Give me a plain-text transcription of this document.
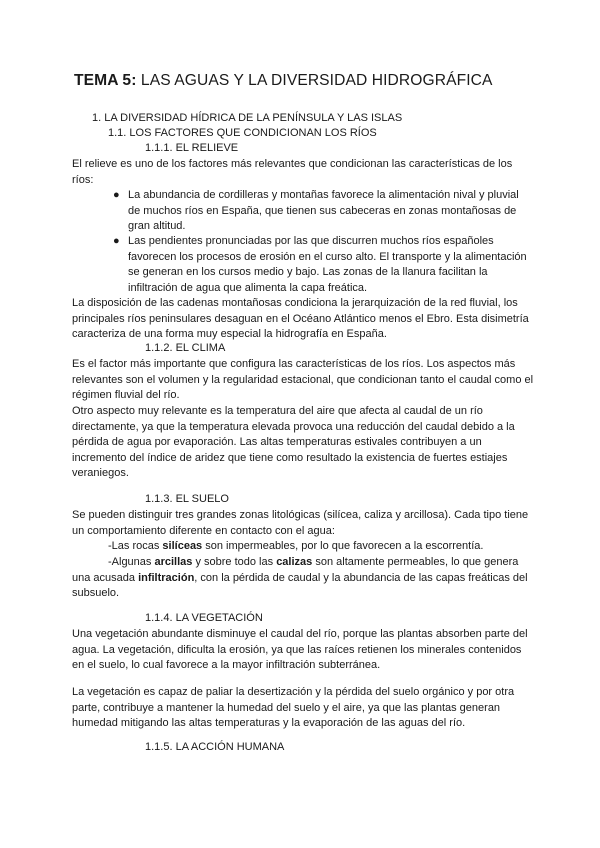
TEMA 5: LAS AGUAS Y LA DIVERSIDAD HIDROGRÁFICA
1. LA DIVERSIDAD HÍDRICA DE LA PENÍNSULA Y LAS ISLAS
1.1. LOS FACTORES QUE CONDICIONAN LOS RÍOS
1.1.1. EL RELIEVE

El relieve es uno de los factores más relevantes que condicionan las características de los ríos:

● La abundancia de cordilleras y montañas favorece la alimentación nival y pluvial de muchos ríos en España, que tienen sus cabeceras en zonas montañosas de gran altitud.
● Las pendientes pronunciadas por las que discurren muchos ríos españoles favorecen los procesos de erosión en el curso alto. El transporte y la alimentación se generan en los cursos medio y bajo. Las zonas de la llanura facilitan la infiltración de agua que alimenta la capa freática.

La disposición de las cadenas montañosas condiciona la jerarquización de la red fluvial, los principales ríos peninsulares desaguan en el Océano Atlántico menos el Ebro. Esta disimetría caracteriza de una forma muy especial la hidrografía en España.

1.1.2. EL CLIMA

Es el factor más importante que configura las características de los ríos. Los aspectos más relevantes son el volumen y la regularidad estacional, que condicionan tanto el caudal como el régimen fluvial del río.

Otro aspecto muy relevante es la temperatura del aire que afecta al caudal de un río directamente, ya que la temperatura elevada provoca una reducción del caudal debido a la pérdida de agua por evaporación. Las altas temperaturas estivales contribuyen a un incremento del índice de aridez que tiene como resultado la existencia de fuertes estiajes veraniegos.

1.1.3. EL SUELO

Se pueden distinguir tres grandes zonas litológicas (silícea, caliza y arcillosa). Cada tipo tiene un comportamiento diferente en contacto con el agua:

-Las rocas silíceas son impermeables, por lo que favorecen a la escorrentía.

-Algunas arcillas y sobre todo las calizas son altamente permeables, lo que genera una acusada infiltración, con la pérdida de caudal y la abundancia de las capas freáticas del subsuelo.

1.1.4. LA VEGETACIÓN

Una vegetación abundante disminuye el caudal del río, porque las plantas absorben parte del agua. La vegetación, dificulta la erosión, ya que las raíces retienen los minerales contenidos en el suelo, lo cual favorece a la mayor infiltración subterránea.

La vegetación es capaz de paliar la desertización y la pérdida del suelo orgánico y por otra parte, contribuye a mantener la humedad del suelo y el aire, ya que las plantas generan humedad mitigando las altas temperaturas y la evaporación de las aguas del río.

1.1.5. LA ACCIÓN HUMANA
